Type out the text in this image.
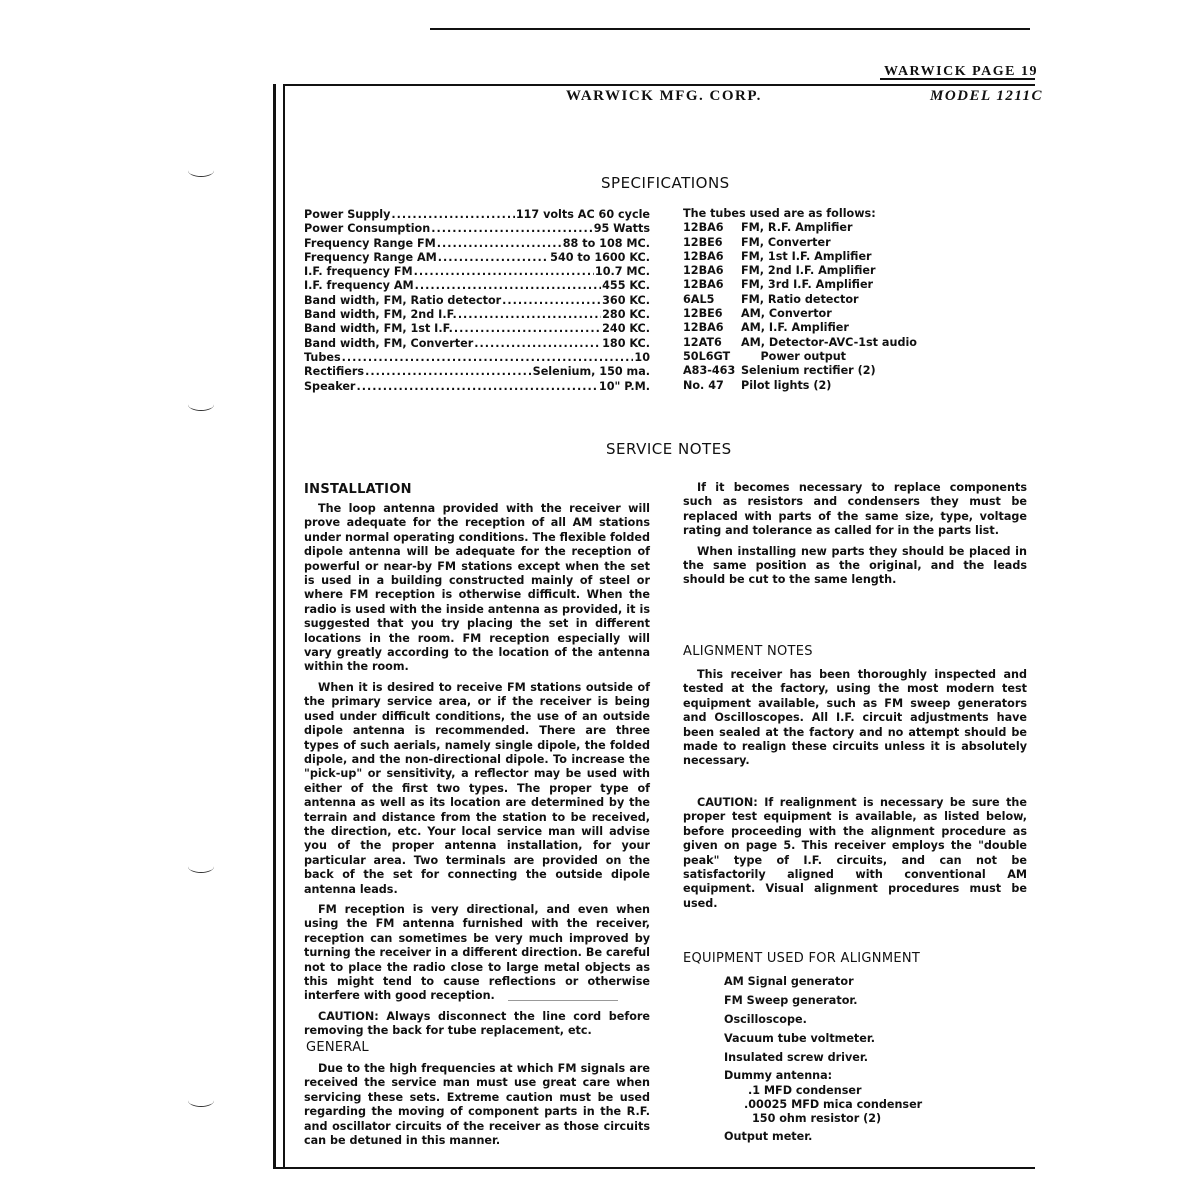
WARWICK PAGE 19
WARWICK MFG. CORP.	MODEL 1211C
SPECIFICATIONS
Power Supply .....	117 volts AC 60 cycle
Power Consumption .....	95 Watts
Frequency Range FM .....	88 to 108 MC.
Frequency Range AM .....	540 to 1600 KC.
I.F. frequency FM .....	10.7 MC.
I.F. frequency AM .....	455 KC.
Band width, FM, Ratio detector .....	360 KC.
Band width, FM, 2nd I.F. .....	280 KC.
Band width, FM, 1st I.F. .....	240 KC.
Band width, FM, Converter .....	180 KC.
Tubes .....	10
Rectifiers .....	Selenium, 150 ma.
Speaker .....	10" P.M.
The tubes used are as follows:
12BA6	FM, R.F. Amplifier
12BE6	FM, Converter
12BA6	FM, 1st I.F. Amplifier
12BA6	FM, 2nd I.F. Amplifier
12BA6	FM, 3rd I.F. Amplifier
6AL5	FM, Ratio detector
12BE6	AM, Convertor
12BA6	AM, I.F. Amplifier
12AT6	AM, Detector-AVC-1st audio
50L6GT Power output
A83-463 Selenium rectifier (2)
No. 47	Pilot lights (2)
SERVICE NOTES
INSTALLATION

The loop antenna provided with the receiver will prove adequate for the reception of all AM stations under normal operating conditions. The flexible folded dipole antenna will be adequate for the reception of powerful or near-by FM stations except when the set is used in a building constructed mainly of steel or where FM reception is otherwise difficult. When the radio is used with the inside antenna as provided, it is suggested that you try placing the set in different locations in the room. FM reception especially will vary greatly according to the location of the antenna within the room.

When it is desired to receive FM stations outside of the primary service area, or if the receiver is being used under difficult conditions, the use of an outside dipole antenna is recommended. There are three types of such aerials, namely single dipole, the folded dipole, and the non-directional dipole. To increase the "pick-up" or sensitivity, a reflector may be used with either of the first two types. The proper type of antenna as well as its location are determined by the terrain and distance from the station to be received, the direction, etc. Your local service man will advise you of the proper antenna installation, for your particular area. Two terminals are provided on the back of the set for connecting the outside dipole antenna leads.

FM reception is very directional, and even when using the FM antenna furnished with the receiver, reception can sometimes be very much improved by turning the receiver in a different direction. Be careful not to place the radio close to large metal objects as this might tend to cause reflections or otherwise interfere with good reception.

CAUTION: Always disconnect the line cord before removing the back for tube replacement, etc.

GENERAL

Due to the high frequencies at which FM signals are received the service man must use great care when servicing these sets. Extreme caution must be used regarding the moving of component parts in the R.F. and oscillator circuits of the receiver as those circuits can be detuned in this manner.

If it becomes necessary to replace components such as resistors and condensers they must be replaced with parts of the same size, type, voltage rating and tolerance as called for in the parts list.

When installing new parts they should be placed in the same position as the original, and the leads should be cut to the same length.

ALIGNMENT NOTES

This receiver has been thoroughly inspected and tested at the factory, using the most modern test equipment available, such as FM sweep generators and Oscilloscopes. All I.F. circuit adjustments have been sealed at the factory and no attempt should be made to realign these circuits unless it is absolutely necessary.

CAUTION: If realignment is necessary be sure the proper test equipment is available, as listed below, before proceeding with the alignment procedure as given on page 5. This receiver employs the "double peak" type of I.F. circuits, and can not be satisfactorily aligned with conventional AM equipment. Visual alignment procedures must be used.

EQUIPMENT USED FOR ALIGNMENT
AM Signal generator
FM Sweep generator.
Oscilloscope.
Vacuum tube voltmeter.
Insulated screw driver.
Dummy antenna:
.1 MFD condenser
.00025 MFD mica condenser
150 ohm resistor (2)
Output meter.
